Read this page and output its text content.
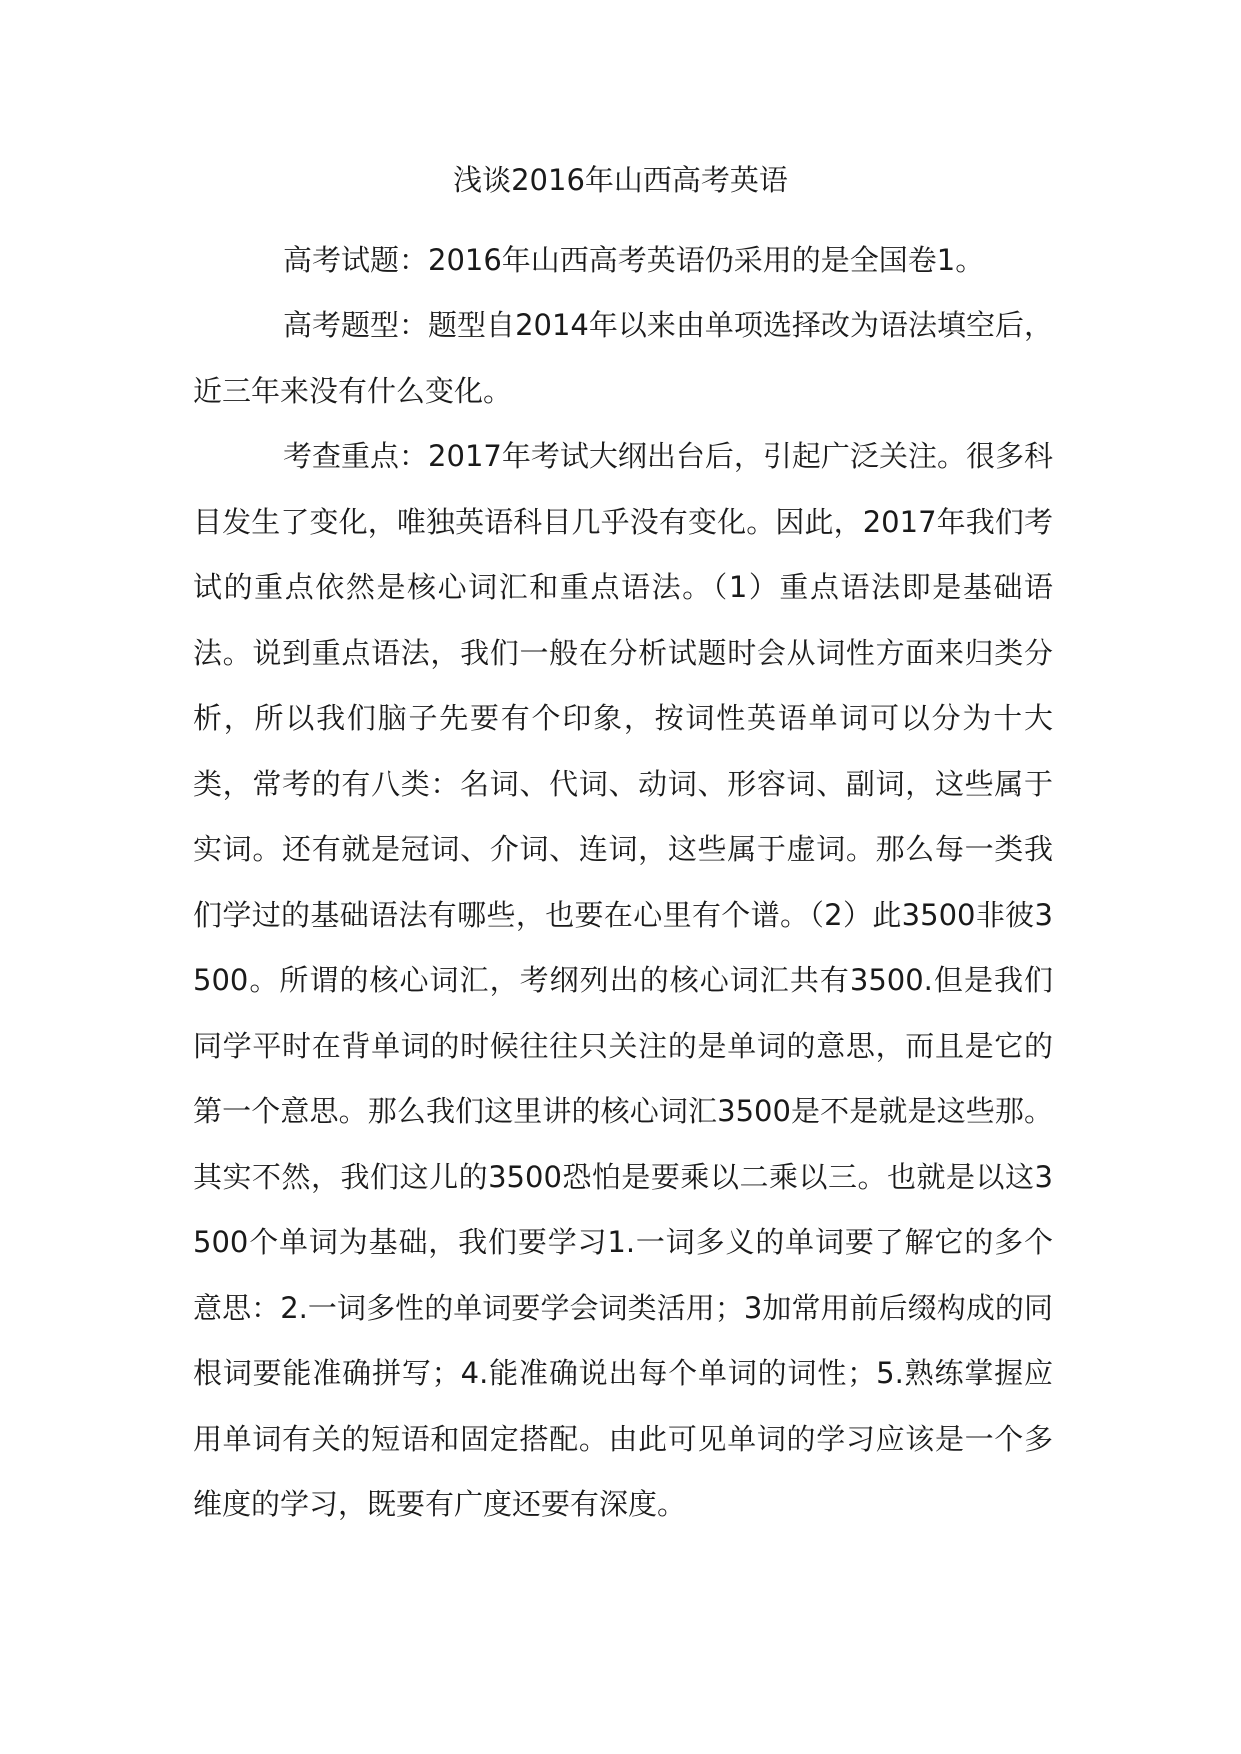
浅谈2016年山西高考英语

高考试题：2016年山西高考英语仍采用的是全国卷1。

高考题型：题型自2014年以来由单项选择改为语法填空后，近三年来没有什么变化。

考查重点：2017年考试大纲出台后，引起广泛关注。很多科目发生了变化，唯独英语科目几乎没有变化。因此，2017年我们考试的重点依然是核心词汇和重点语法。（1）重点语法即是基础语法。说到重点语法，我们一般在分析试题时会从词性方面来归类分析，所以我们脑子先要有个印象，按词性英语单词可以分为十大类，常考的有八类：名词、代词、动词、形容词、副词，这些属于实词。还有就是冠词、介词、连词，这些属于虚词。那么每一类我们学过的基础语法有哪些，也要在心里有个谱。（2）此3500非彼3500。所谓的核心词汇，考纲列出的核心词汇共有3500.但是我们同学平时在背单词的时候往往只关注的是单词的意思，而且是它的第一个意思。那么我们这里讲的核心词汇3500是不是就是这些那。其实不然，我们这儿的3500恐怕是要乘以二乘以三。也就是以这3500个单词为基础，我们要学习1.一词多义的单词要了解它的多个意思：2.一词多性的单词要学会词类活用；3加常用前后缀构成的同根词要能准确拼写；4.能准确说出每个单词的词性；5.熟练掌握应用单词有关的短语和固定搭配。由此可见单词的学习应该是一个多维度的学习，既要有广度还要有深度。
